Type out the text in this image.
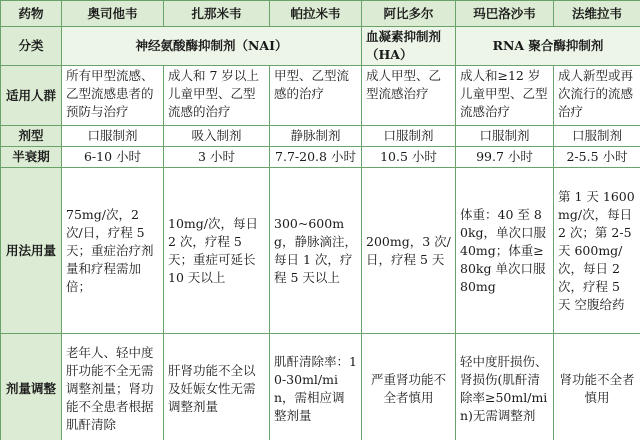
药物	奥司他韦	扎那米韦	帕拉米韦	阿比多尔	玛巴洛沙韦	法维拉韦
分类	神经氨酸酶抑制剂（NAI）			血凝素抑制剂（HA）	RNA 聚合酶抑制剂	
适用人群	所有甲型流感、乙型流感患者的预防与治疗	成人和 7 岁以上儿童甲型、乙型流感的治疗	甲型、乙型流感的治疗	成人甲型、乙型流感治疗	成人和≥12 岁儿童甲型、乙型流感治疗	成人新型或再次流行的流感治疗
剂型	口服制剂	吸入制剂	静脉制剂	口服制剂	口服制剂	口服制剂
半衰期	6-10 小时	3 小时	7.7-20.8 小时	10.5 小时	99.7 小时	2-5.5 小时
用法用量	75mg/次，2 次/日，疗程 5 天；重症治疗剂量和疗程需加倍；	10mg/次，每日 2 次，疗程 5 天；重症可延长 10 天以上	300~600mg，静脉滴注，每日 1 次，疗程 5 天以上	200mg，3 次/日，疗程 5 天	体重：40 至 80kg，单次口服 40mg；体重≥80kg 单次口服 80mg	第 1 天 1600mg/次，每日 2 次；第 2-5 天 600mg/次，每日 2 次，疗程 5 天 空腹给药
剂量调整	老年人、轻中度肝功能不全无需调整剂量；肾功能不全患者根据肌酐清除	肝肾功能不全以及妊娠女性无需调整剂量	肌酐清除率：10-30ml/min，需相应调整剂量	严重肾功能不全者慎用	轻中度肝损伤、肾损伤(肌酐清除率≥50ml/min)无需调整剂	肾功能不全者慎用
